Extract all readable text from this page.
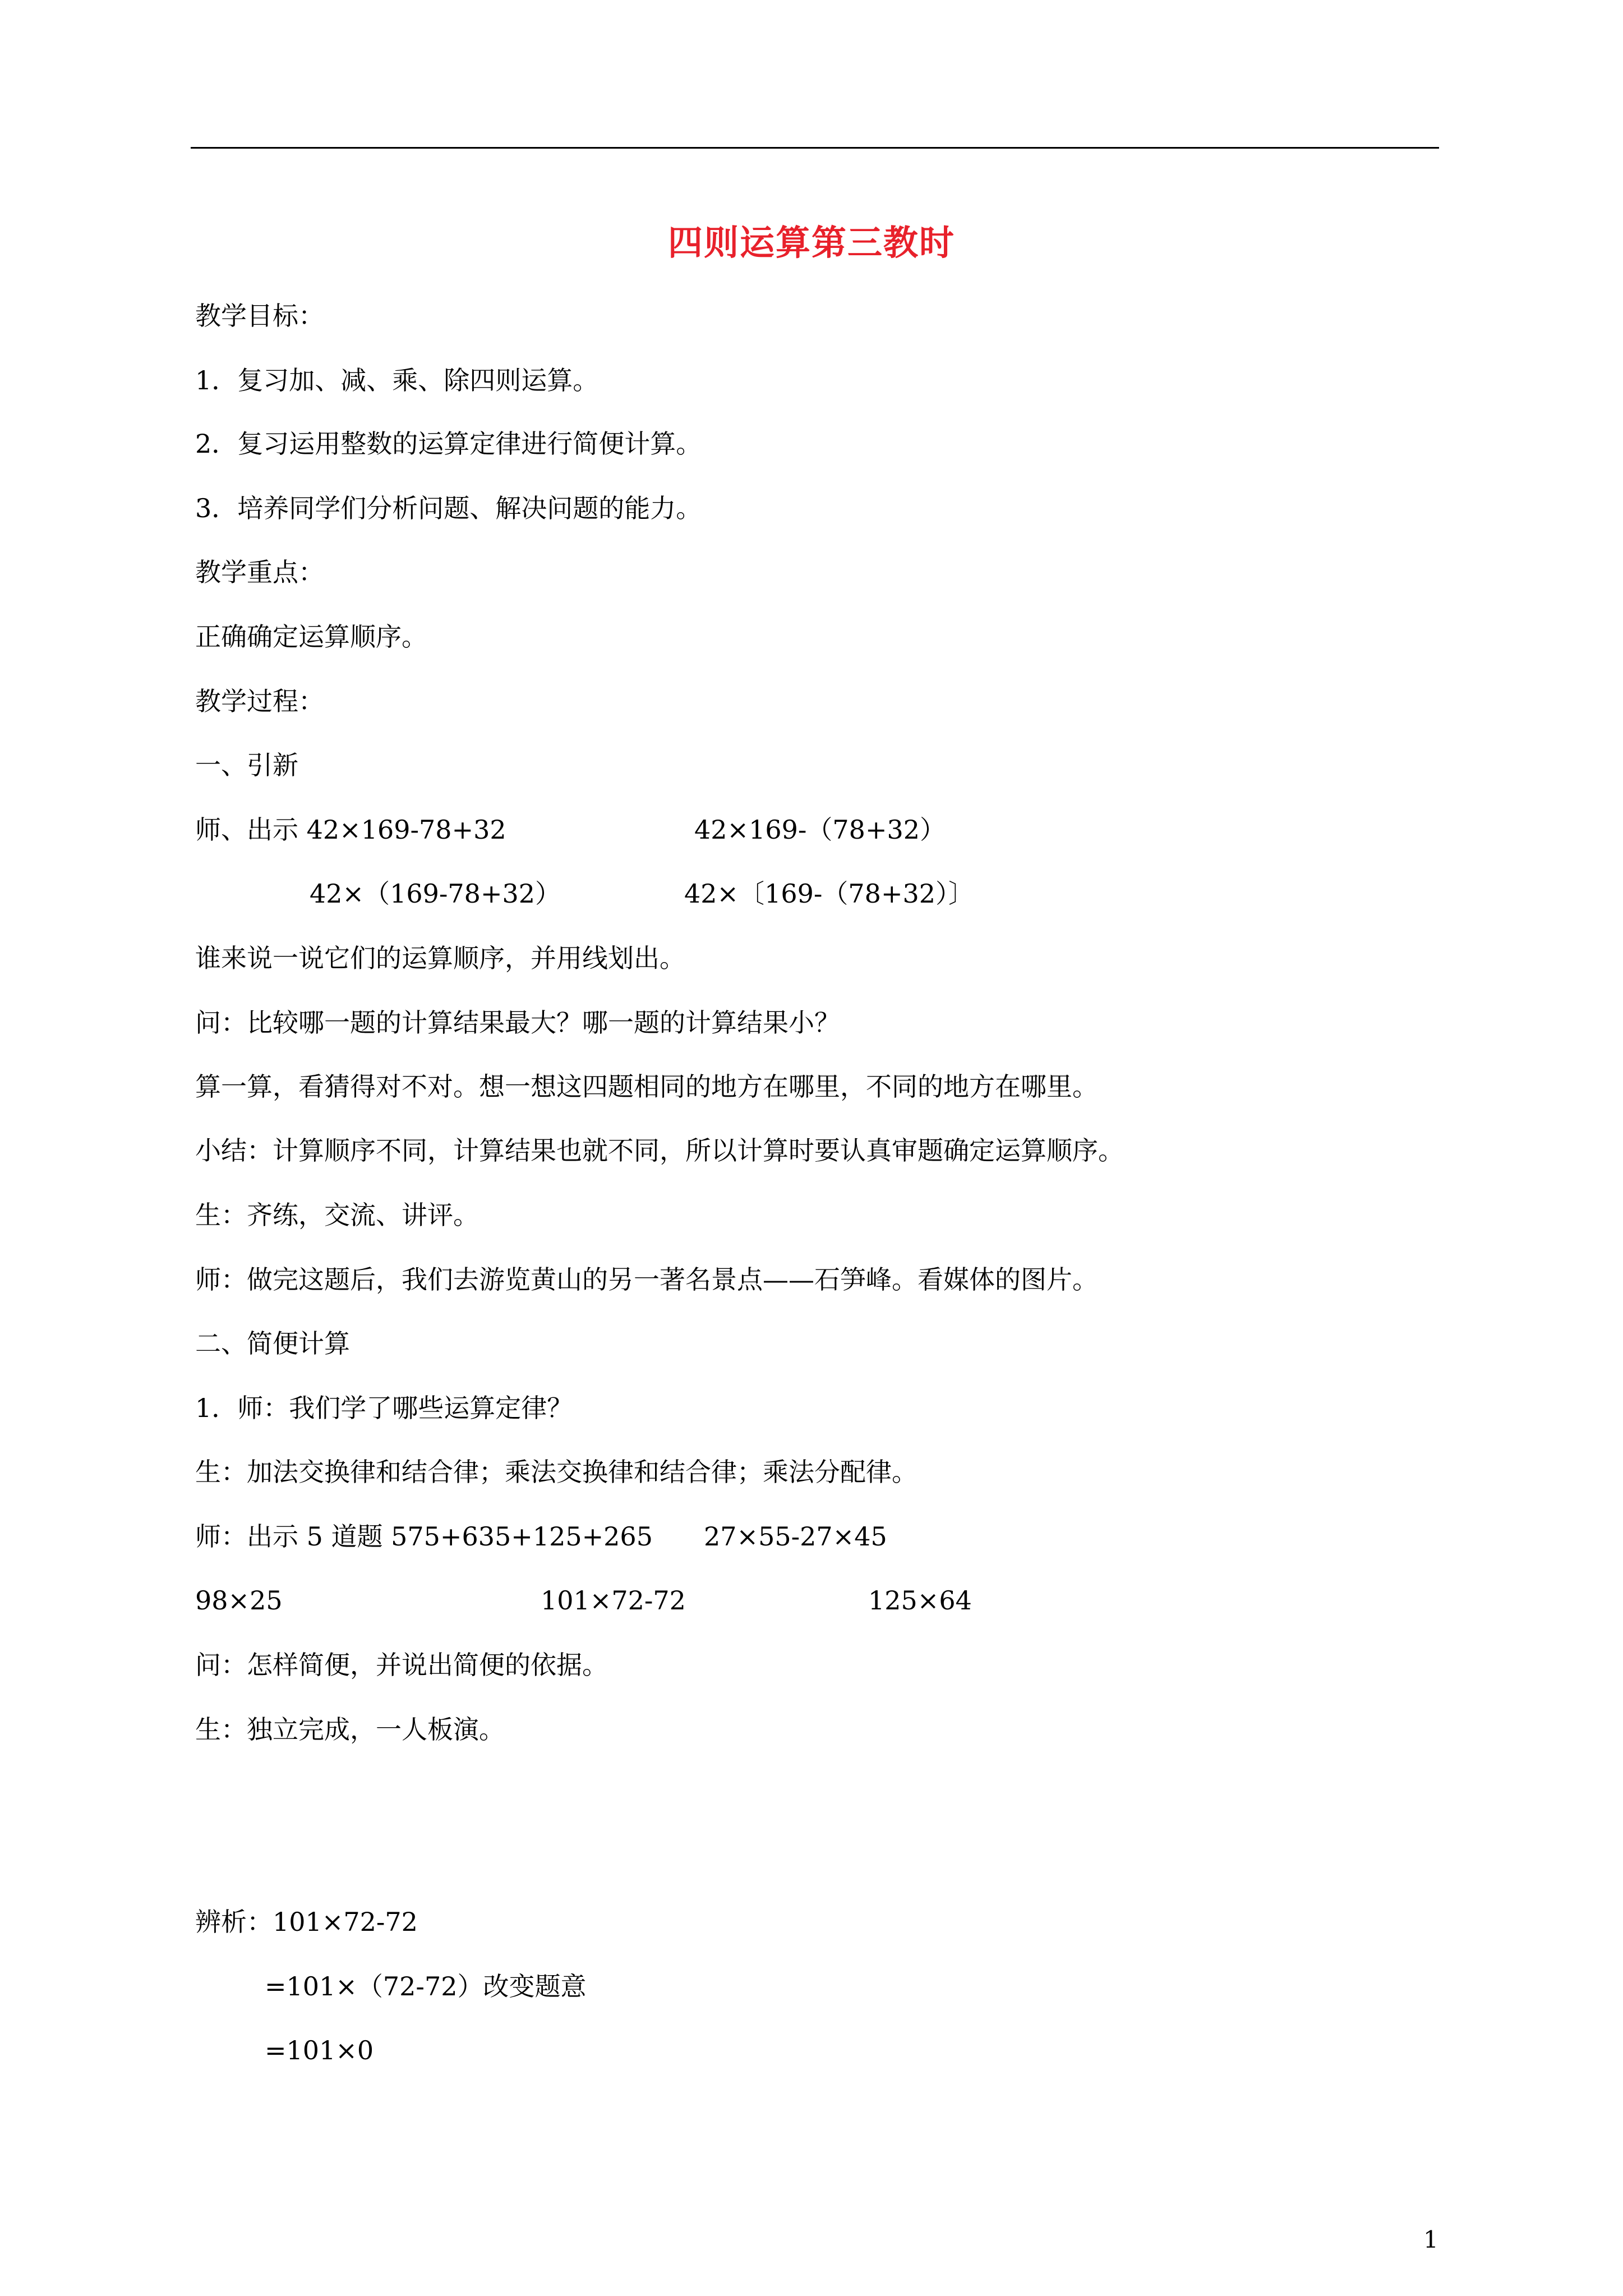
四则运算第三教时
教学目标：
1．复习加、减、乘、除四则运算。
2．复习运用整数的运算定律进行简便计算。
3．培养同学们分析问题、解决问题的能力。
教学重点：
正确确定运算顺序。
教学过程：
一、引新
师、出示 42×169-78+32	42×169-（78+32）
42×（169-78+32）	42×〔169-（78+32）〕
谁来说一说它们的运算顺序，并用线划出。
问：比较哪一题的计算结果最大？哪一题的计算结果小？
算一算，看猜得对不对。想一想这四题相同的地方在哪里，不同的地方在哪里。
小结：计算顺序不同，计算结果也就不同，所以计算时要认真审题确定运算顺序。
生：齐练，交流、讲评。
师：做完这题后，我们去游览黄山的另一著名景点——石笋峰。看媒体的图片。
二、简便计算
1．师：我们学了哪些运算定律？
生：加法交换律和结合律；乘法交换律和结合律；乘法分配律。
师：出示 5 道题 575+635+125+265 27×55-27×45
98×25	101×72-72	125×64
问：怎样简便，并说出简便的依据。
生：独立完成，一人板演。
辨析：101×72-72
=101×（72-72）改变题意
=101×0
1
